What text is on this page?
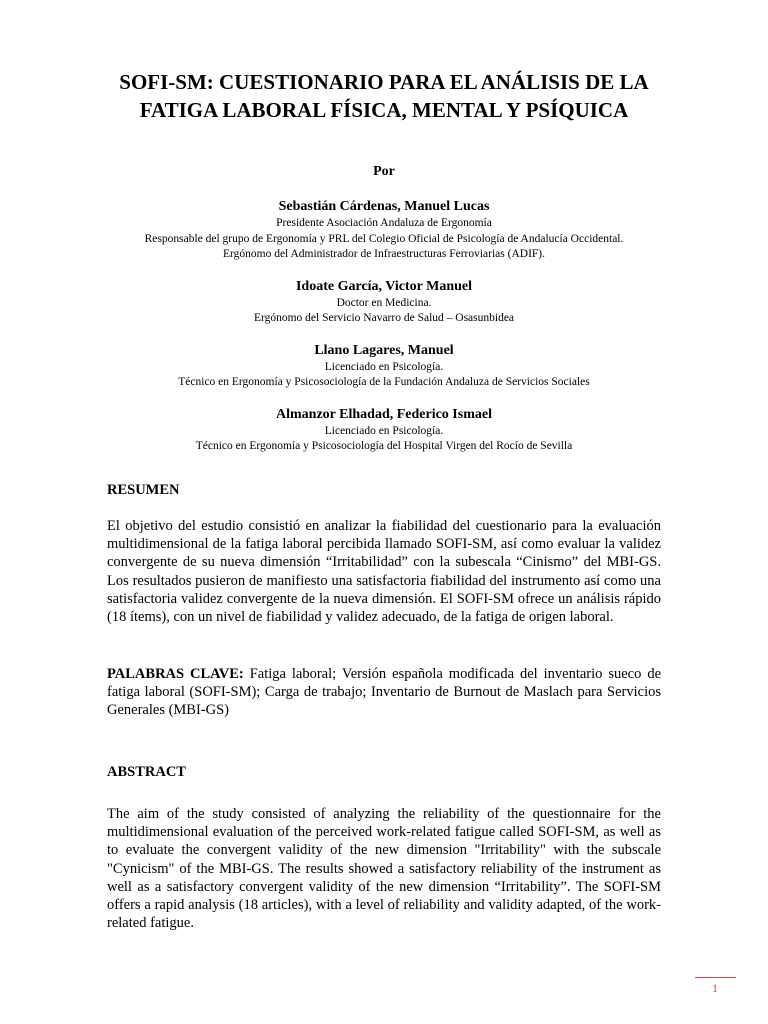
SOFI-SM: CUESTIONARIO PARA EL ANÁLISIS DE LA
FATIGA LABORAL FÍSICA, MENTAL Y PSÍQUICA
Por
Sebastián Cárdenas, Manuel Lucas
Presidente Asociación Andaluza de Ergonomía
Responsable del grupo de Ergonomía y PRL del Colegio Oficial de Psicología de Andalucía Occidental.
Ergónomo del Administrador de Infraestructuras Ferroviarias (ADIF).
Idoate García, Victor Manuel
Doctor en Medicina.
Ergónomo del Servicio Navarro de Salud – Osasunbidea
Llano Lagares, Manuel
Licenciado en Psicología.
Técnico en Ergonomía y Psicosociología de la Fundación Andaluza de Servicios Sociales
Almanzor Elhadad, Federico Ismael
Licenciado en Psicología.
Técnico en Ergonomía y Psicosociología del Hospital Virgen del Rocío de Sevilla
RESUMEN
El objetivo del estudio consistió en analizar la fiabilidad del cuestionario para la evaluación multidimensional de la fatiga laboral percibida llamado SOFI-SM, así como evaluar la validez convergente de su nueva dimensión “Irritabilidad” con la subescala “Cinismo” del MBI-GS. Los resultados pusieron de manifiesto una satisfactoria fiabilidad del instrumento así como una satisfactoria validez convergente de la nueva dimensión. El SOFI-SM ofrece un análisis rápido (18 ítems), con un nivel de fiabilidad y validez adecuado, de la fatiga de origen laboral.
PALABRAS CLAVE: Fatiga laboral; Versión española modificada del inventario sueco de fatiga laboral (SOFI-SM); Carga de trabajo; Inventario de Burnout de Maslach para Servicios Generales (MBI-GS)
ABSTRACT
The aim of the study consisted of analyzing the reliability of the questionnaire for the multidimensional evaluation of the perceived work-related fatigue called SOFI-SM, as well as to evaluate the convergent validity of the new dimension "Irritability" with the subscale "Cynicism" of the MBI-GS. The results showed a satisfactory reliability of the instrument as well as a satisfactory convergent validity of the new dimension “Irritability”. The SOFI-SM offers a rapid analysis (18 articles), with a level of reliability and validity adapted, of the work-related fatigue.
1
